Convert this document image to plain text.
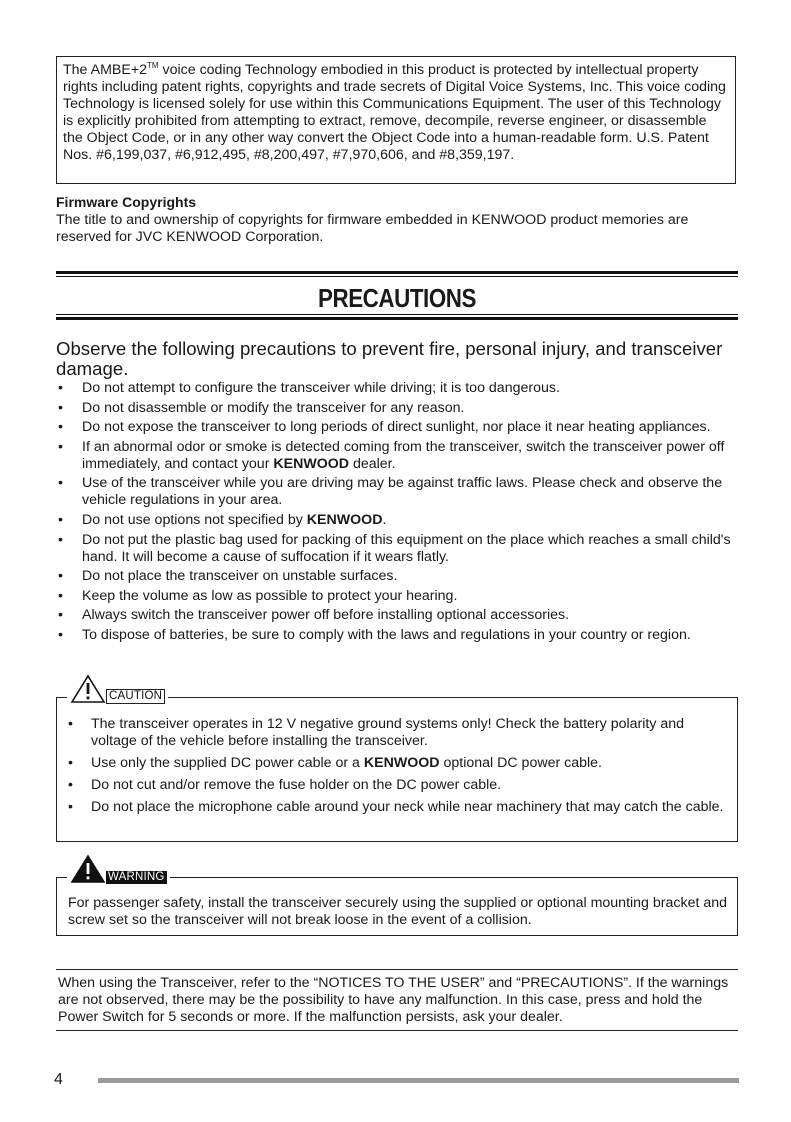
The AMBE+2™ voice coding Technology embodied in this product is protected by intellectual property rights including patent rights, copyrights and trade secrets of Digital Voice Systems, Inc. This voice coding Technology is licensed solely for use within this Communications Equipment. The user of this Technology is explicitly prohibited from attempting to extract, remove, decompile, reverse engineer, or disassemble the Object Code, or in any other way convert the Object Code into a human-readable form. U.S. Patent Nos. #6,199,037, #6,912,495, #8,200,497, #7,970,606, and #8,359,197.
Firmware Copyrights
The title to and ownership of copyrights for firmware embedded in KENWOOD product memories are reserved for JVC KENWOOD Corporation.
PRECAUTIONS
Observe the following precautions to prevent fire, personal injury, and transceiver damage.
• Do not attempt to configure the transceiver while driving; it is too dangerous.
• Do not disassemble or modify the transceiver for any reason.
• Do not expose the transceiver to long periods of direct sunlight, nor place it near heating appliances.
• If an abnormal odor or smoke is detected coming from the transceiver, switch the transceiver power off immediately, and contact your KENWOOD dealer.
• Use of the transceiver while you are driving may be against traffic laws. Please check and observe the vehicle regulations in your area.
• Do not use options not specified by KENWOOD.
• Do not put the plastic bag used for packing of this equipment on the place which reaches a small child's hand. It will become a cause of suffocation if it wears flatly.
• Do not place the transceiver on unstable surfaces.
• Keep the volume as low as possible to protect your hearing.
• Always switch the transceiver power off before installing optional accessories.
• To dispose of batteries, be sure to comply with the laws and regulations in your country or region.
CAUTION
• The transceiver operates in 12 V negative ground systems only! Check the battery polarity and voltage of the vehicle before installing the transceiver.
• Use only the supplied DC power cable or a KENWOOD optional DC power cable.
• Do not cut and/or remove the fuse holder on the DC power cable.
• Do not place the microphone cable around your neck while near machinery that may catch the cable.
WARNING
For passenger safety, install the transceiver securely using the supplied or optional mounting bracket and screw set so the transceiver will not break loose in the event of a collision.
When using the Transceiver, refer to the “NOTICES TO THE USER” and “PRECAUTIONS”. If the warnings are not observed, there may be the possibility to have any malfunction. In this case, press and hold the Power Switch for 5 seconds or more. If the malfunction persists, ask your dealer.
4
